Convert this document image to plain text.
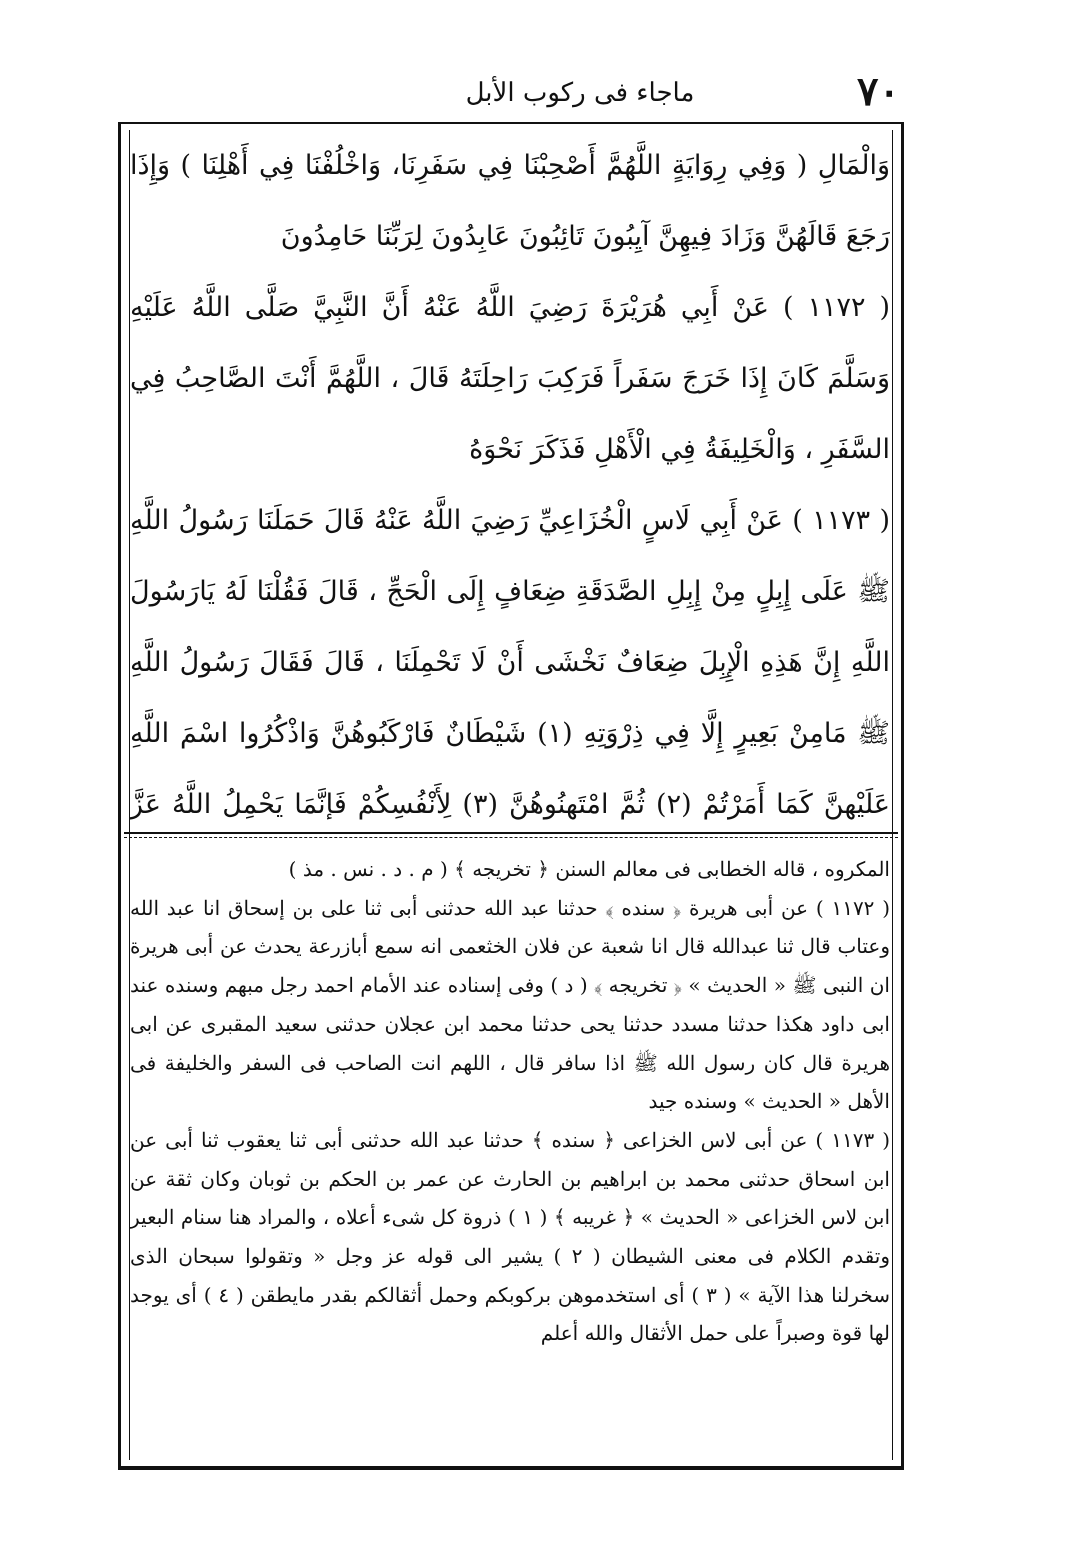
٧٠
ماجاء فى ركوب الأبل

وَالْمَالِ ( وَفِي رِوَايَةٍ اللَّهُمَّ أَصْحِبْنَا فِي سَفَرِنَا، وَاخْلُفْنَا فِي أَهْلِنَا ) وَإِذَا رَجَعَ قَالَهُنَّ وَزَادَ فِيهِنَّ آيِبُونَ تَائِبُونَ عَابِدُونَ لِرَبِّنَا حَامِدُونَ

( ١١٧٢ ) عَنْ أَبِي هُرَيْرَةَ رَضِيَ اللَّهُ عَنْهُ أَنَّ النَّبِيَّ صَلَّى اللَّهُ عَلَيْهِ وَسَلَّمَ كَانَ إِذَا خَرَجَ سَفَراً فَرَكِبَ رَاحِلَتَهُ قَالَ ، اللَّهُمَّ أَنْتَ الصَّاحِبُ فِي السَّفَرِ ، وَالْخَلِيفَةُ فِي الْأَهْلِ فَذَكَرَ نَحْوَهُ

( ١١٧٣ ) عَنْ أَبِي لَاسٍ الْخُزَاعِيِّ رَضِيَ اللَّهُ عَنْهُ قَالَ حَمَلَنَا رَسُولُ اللَّهِ ﷺ عَلَى إِبِلٍ مِنْ إِبِلِ الصَّدَقَةِ ضِعَافٍ إِلَى الْحَجِّ ، قَالَ فَقُلْنَا لَهُ يَارَسُولَ اللَّهِ إِنَّ هَذِهِ الْإِبِلَ ضِعَافٌ نَخْشَى أَنْ لَا تَحْمِلَنَا ، قَالَ فَقَالَ رَسُولُ اللَّهِ ﷺ مَامِنْ بَعِيرٍ إِلَّا فِي ذِرْوَتِهِ (١) شَيْطَانٌ فَارْكَبُوهُنَّ وَاذْكُرُوا اسْمَ اللَّهِ عَلَيْهِنَّ كَمَا أَمَرْتُمْ (٢) ثُمَّ امْتَهِنُوهُنَّ (٣) لِأَنْفُسِكُمْ فَإِنَّمَا يَحْمِلُ اللَّهُ عَزَّ

المكروه ، قاله الخطابى فى معالم السنن ﴿ تخريجه ﴾ ( م . د . نس . مذ )

( ١١٧٢ ) عن أبى هريرة ﴿ سنده ﴾ حدثنا عبد الله حدثنى أبى ثنا على بن إسحاق انا عبد الله وعتاب قال ثنا عبدالله قال انا شعبة عن فلان الخثعمى انه سمع أبازرعة يحدث عن أبى هريرة ان النبى ﷺ « الحديث » ﴿ تخريجه ﴾ ( د ) وفى إسناده عند الأمام احمد رجل مبهم وسنده عند ابى داود هكذا حدثنا مسدد حدثنا يحى حدثنا محمد ابن عجلان حدثنى سعيد المقبرى عن ابى هريرة قال كان رسول الله ﷺ اذا سافر قال ، اللهم انت الصاحب فى السفر والخليفة فى الأهل « الحديث » وسنده جيد

( ١١٧٣ ) عن أبى لاس الخزاعى ﴿ سنده ﴾ حدثنا عبد الله حدثنى أبى ثنا يعقوب ثنا أبى عن ابن اسحاق حدثنى محمد بن ابراهيم بن الحارث عن عمر بن الحكم بن ثوبان وكان ثقة عن ابن لاس الخزاعى « الحديث » ﴿ غريبه ﴾ ( ١ ) ذروة كل شىء أعلاه ، والمراد هنا سنام البعير وتقدم الكلام فى معنى الشيطان ( ٢ ) يشير الى قوله عز وجل « وتقولوا سبحان الذى سخرلنا هذا الآية » ( ٣ ) أى استخدموهن بركوبكم وحمل أثقالكم بقدر مايطقن ( ٤ ) أى يوجد لها قوة وصبراً على حمل الأثقال والله أعلم
